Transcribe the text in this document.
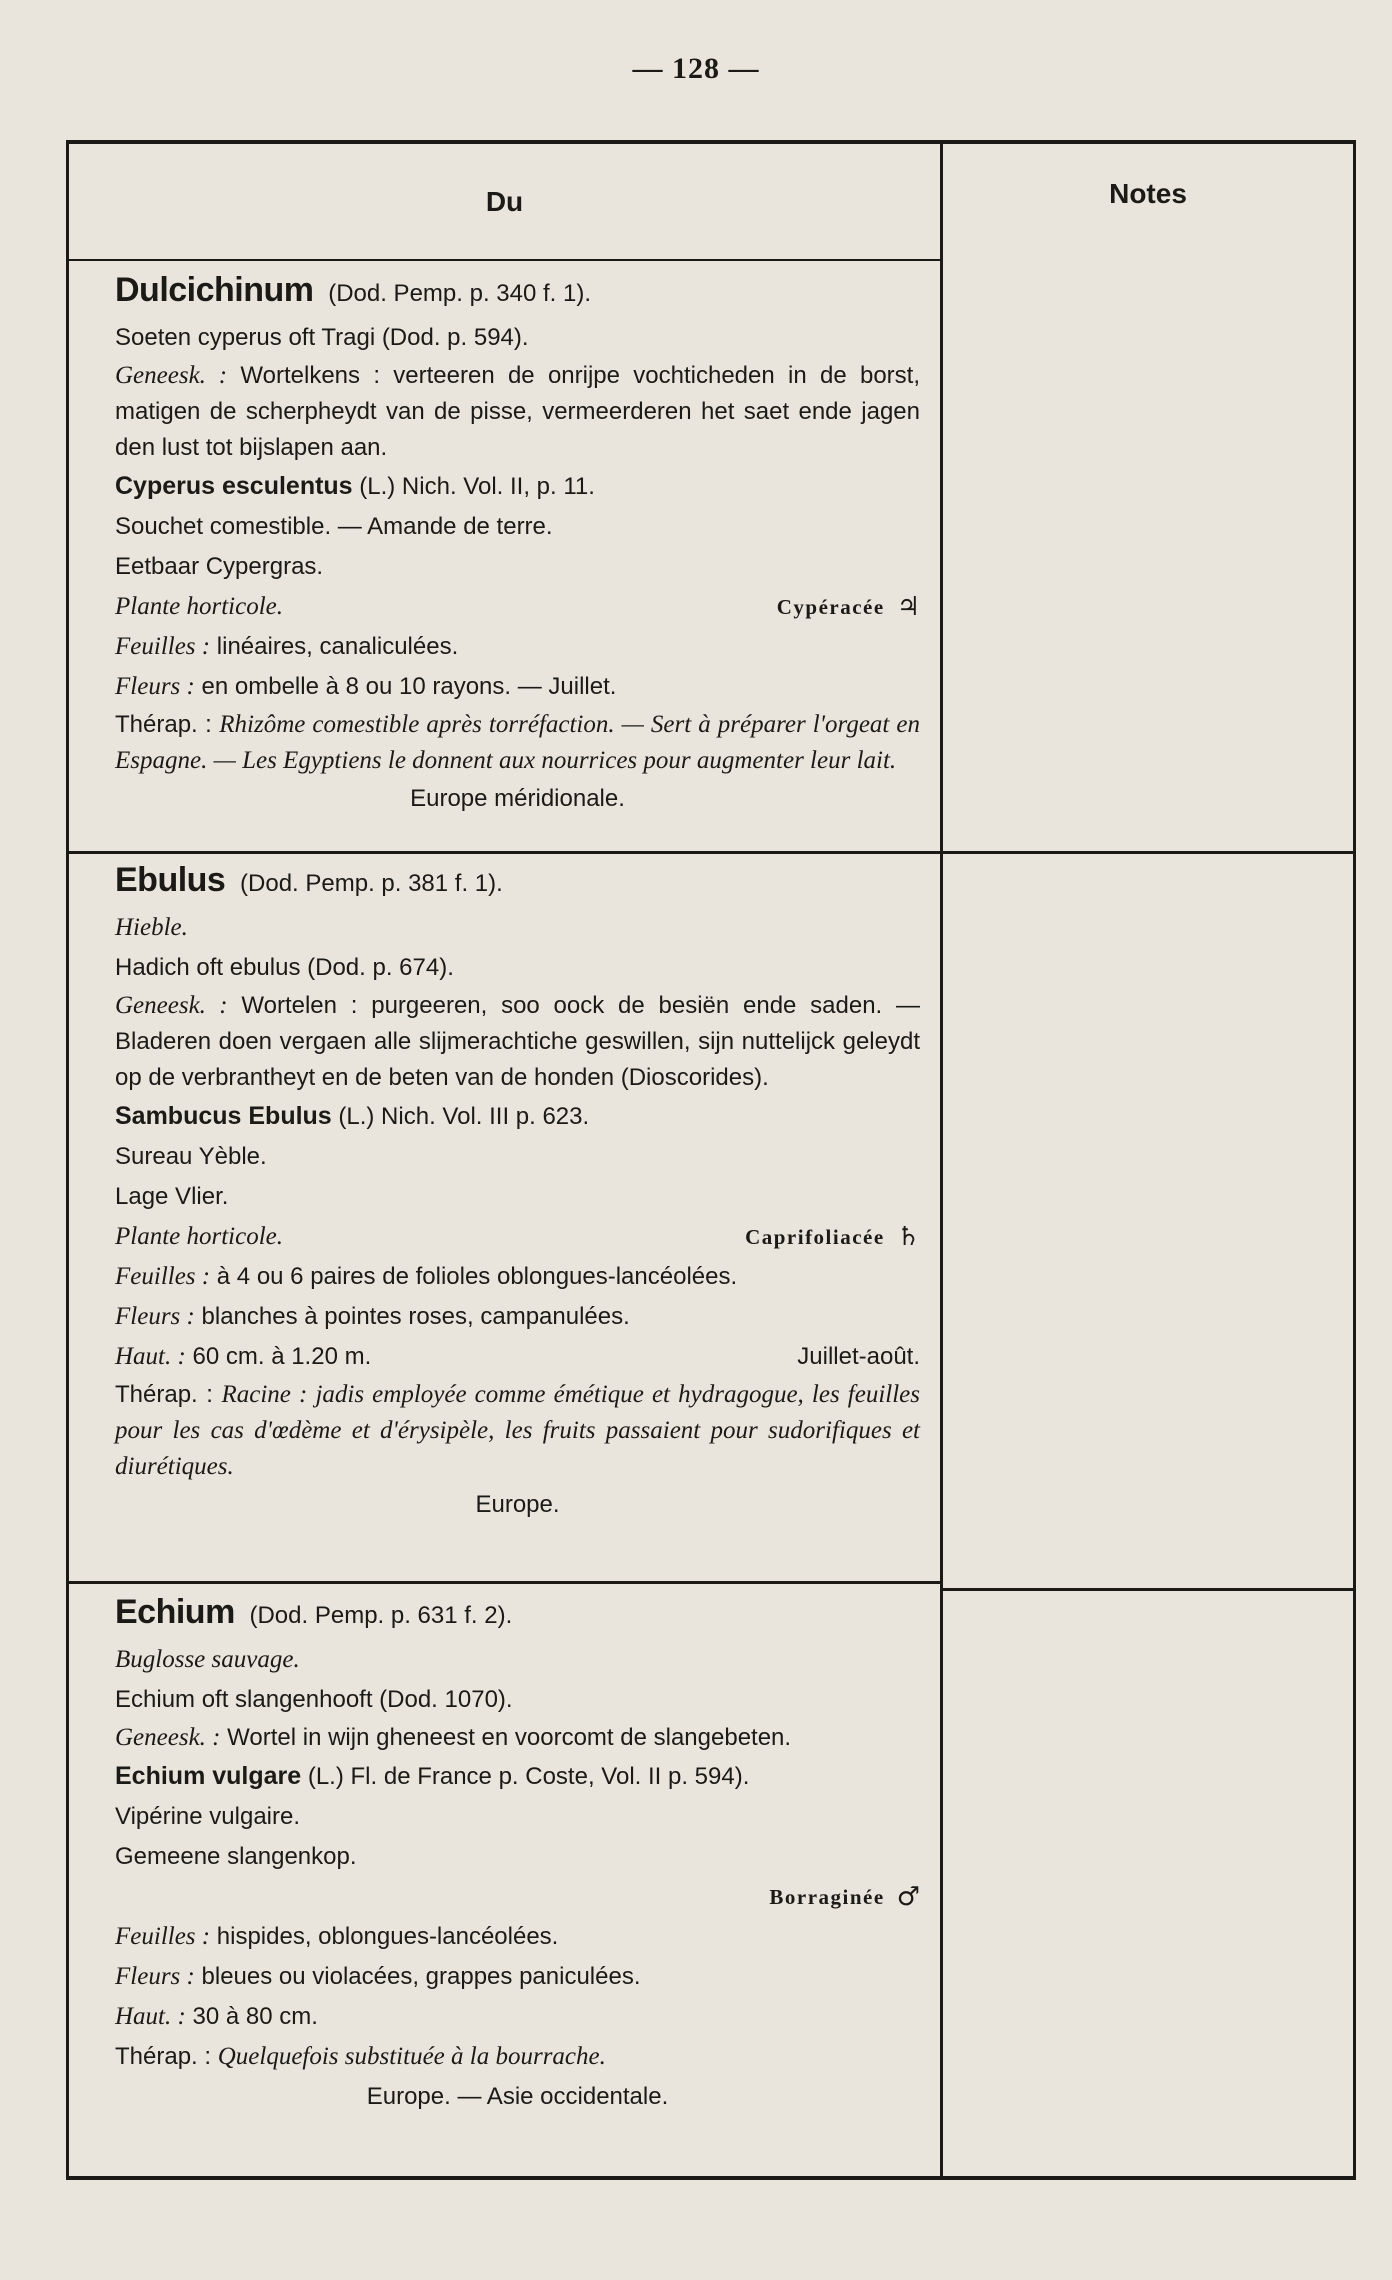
— 128 —
Du	Notes
Dulcichinum (Dod. Pemp. p. 340 f. 1).
Soeten cyperus oft Tragi (Dod. p. 594).
Geneesk. : Wortelkens : verteeren de onrijpe vochticheden in de borst, matigen de scherpheydt van de pisse, vermeerderen het saet ende jagen den lust tot bijslapen aan.
Cyperus esculentus (L.) Nich. Vol. II, p. 11.
Souchet comestible. — Amande de terre.
Eetbaar Cypergras.
Plante horticole.	Cypéracée ♃
Feuilles : linéaires, canaliculées.
Fleurs : en ombelle à 8 ou 10 rayons. — Juillet.
Thérap. : Rhizôme comestible après torréfaction. — Sert à préparer l'orgeat en Espagne. — Les Egyptiens le donnent aux nourrices pour augmenter leur lait.
Europe méridionale.
Ebulus (Dod. Pemp. p. 381 f. 1).
Hieble.
Hadich oft ebulus (Dod. p. 674).
Geneesk. : Wortelen : purgeeren, soo oock de besiën ende saden. — Bladeren doen vergaen alle slijmerachtiche geswillen, sijn nuttelijck geleydt op de verbrantheyt en de beten van de honden (Dioscorides).
Sambucus Ebulus (L.) Nich. Vol. III p. 623.
Sureau Yèble.
Lage Vlier.
Plante horticole.	Caprifoliacée ♄
Feuilles : à 4 ou 6 paires de folioles oblongues-lancéolées.
Fleurs : blanches à pointes roses, campanulées.
Haut. : 60 cm. à 1.20 m.	Juillet-août.
Thérap. : Racine : jadis employée comme émétique et hydragogue, les feuilles pour les cas d'œdème et d'érysipèle, les fruits passaient pour sudorifiques et diurétiques.
Europe.
Echium (Dod. Pemp. p. 631 f. 2).
Buglosse sauvage.
Echium oft slangenhooft (Dod. 1070).
Geneesk. : Wortel in wijn gheneest en voorcomt de slangebeten.
Echium vulgare (L.) Fl. de France p. Coste, Vol. II p. 594).
Vipérine vulgaire.
Gemeene slangenkop.
Borraginée ♂
Feuilles : hispides, oblongues-lancéolées.
Fleurs : bleues ou violacées, grappes paniculées.
Haut. : 30 à 80 cm.
Thérap. : Quelquefois substituée à la bourrache.
Europe. — Asie occidentale.
